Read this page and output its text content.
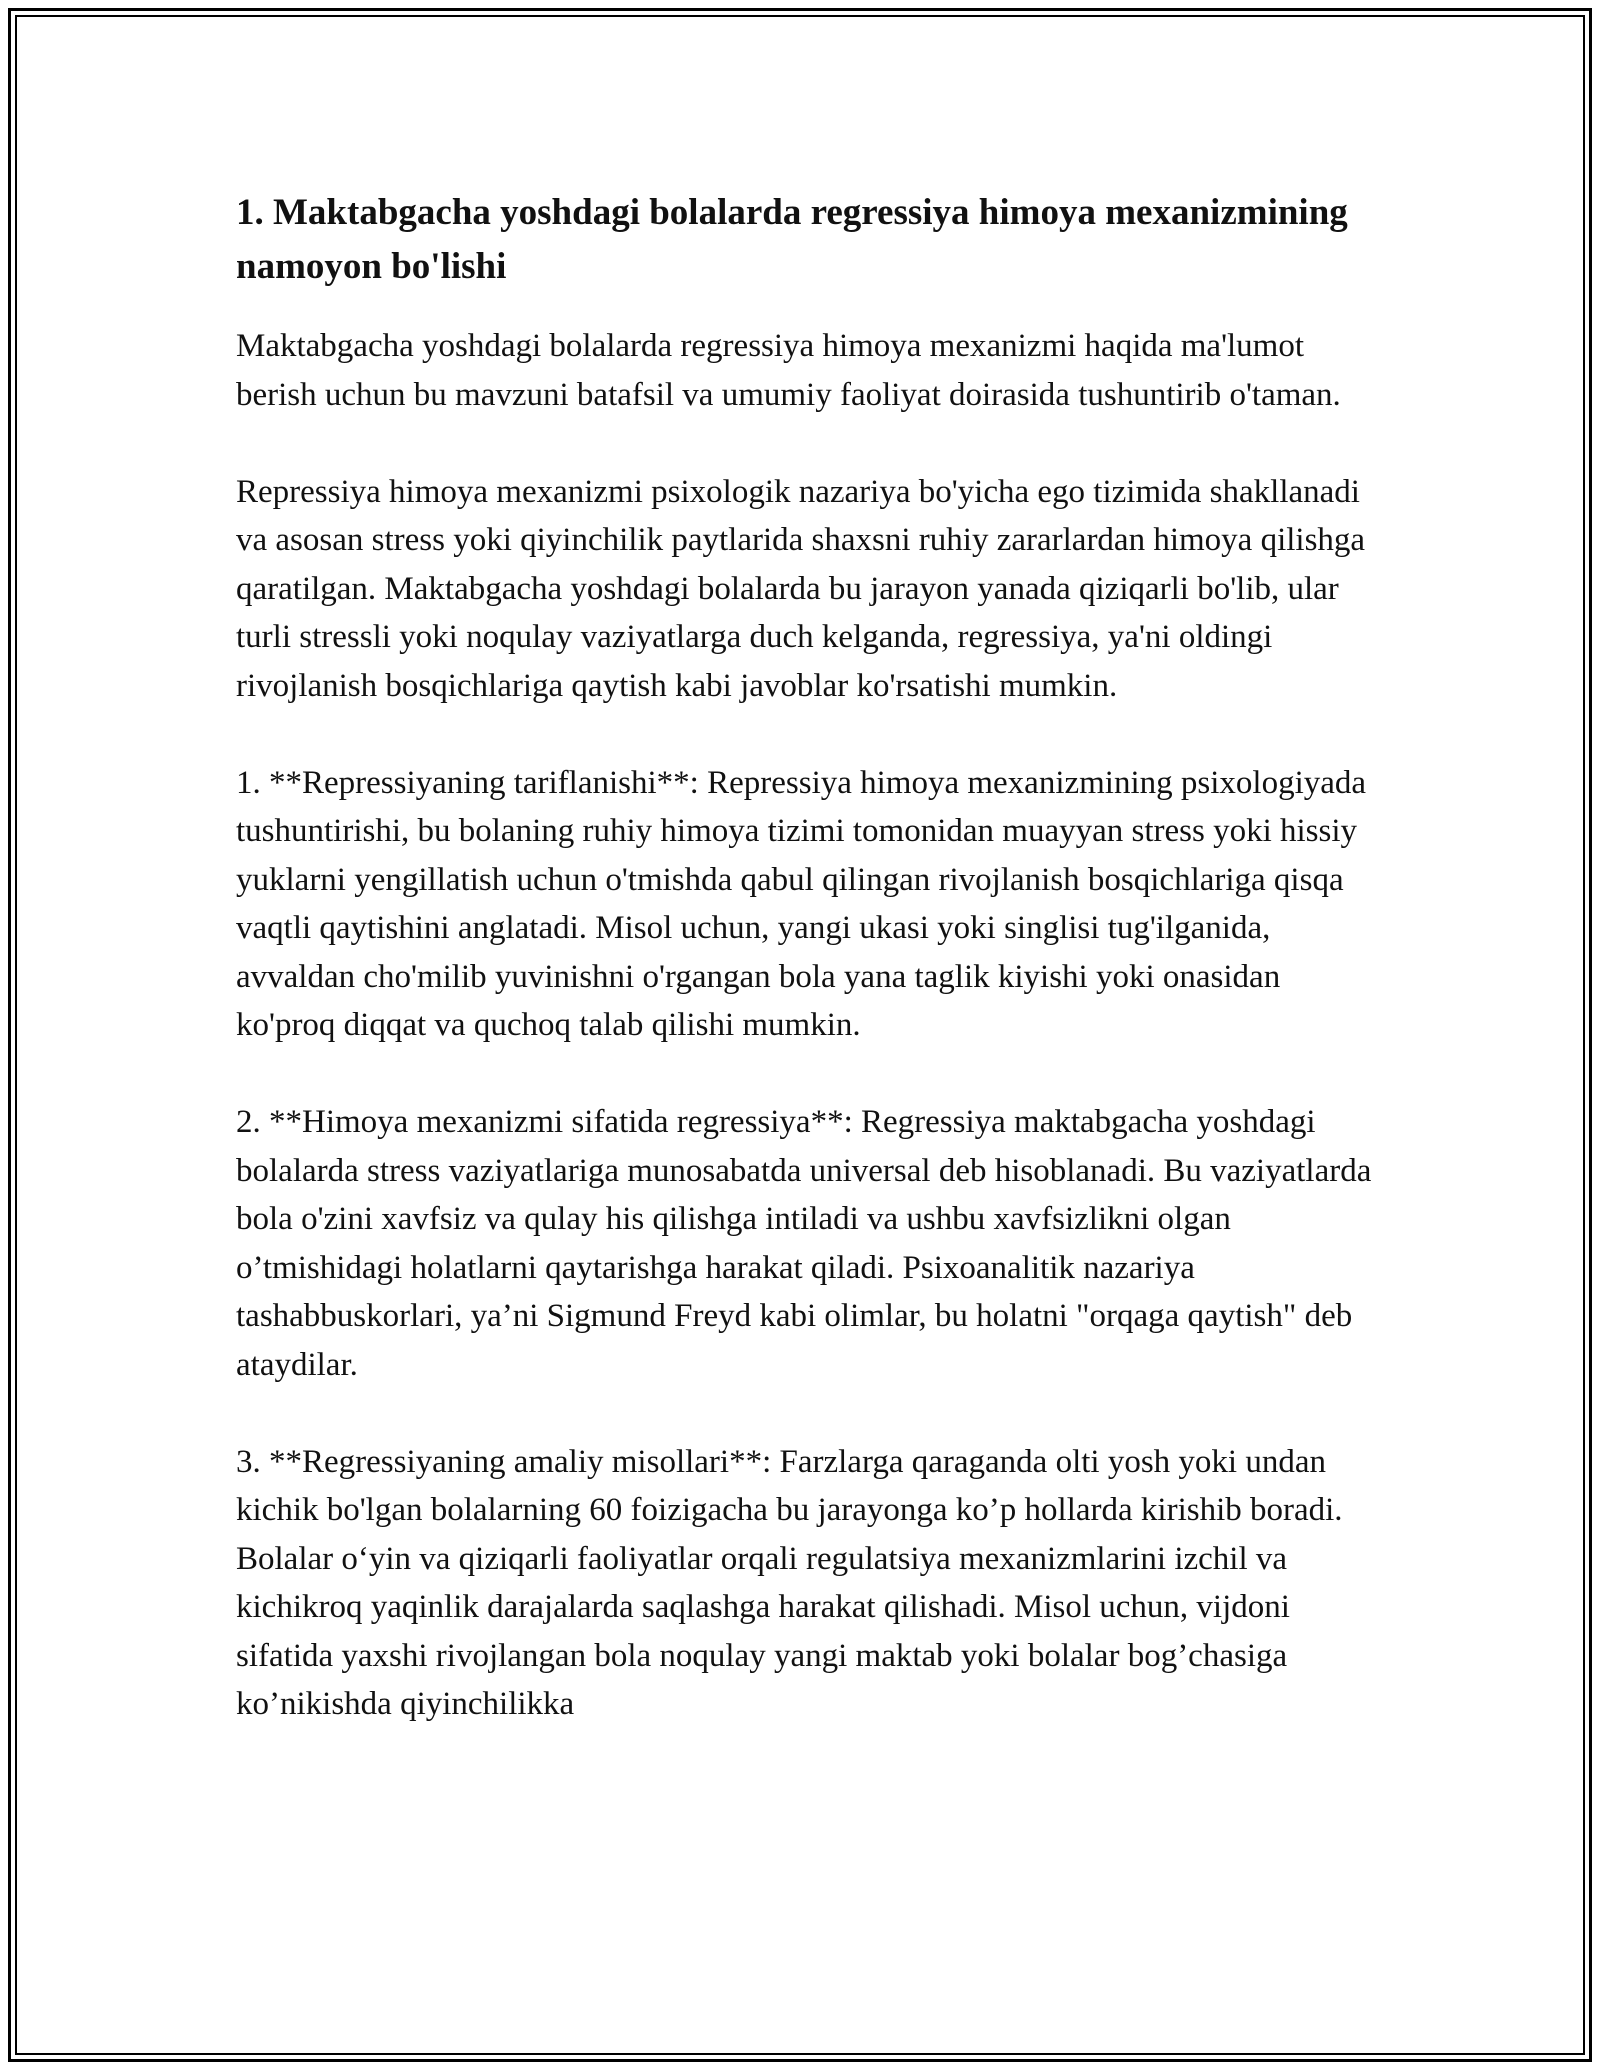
1. Maktabgacha yoshdagi bolalarda regressiya himoya mexanizmining namoyon bo'lishi

Maktabgacha yoshdagi bolalarda regressiya himoya mexanizmi haqida ma'lumot berish uchun bu mavzuni batafsil va umumiy faoliyat doirasida tushuntirib o'taman.

Repressiya himoya mexanizmi psixologik nazariya bo'yicha ego tizimida shakllanadi va asosan stress yoki qiyinchilik paytlarida shaxsni ruhiy zararlardan himoya qilishga qaratilgan. Maktabgacha yoshdagi bolalarda bu jarayon yanada qiziqarli bo'lib, ular turli stressli yoki noqulay vaziyatlarga duch kelganda, regressiya, ya'ni oldingi rivojlanish bosqichlariga qaytish kabi javoblar ko'rsatishi mumkin.

1. **Repressiyaning tariflanishi**: Repressiya himoya mexanizmining psixologiyada tushuntirishi, bu bolaning ruhiy himoya tizimi tomonidan muayyan stress yoki hissiy yuklarni yengillatish uchun o'tmishda qabul qilingan rivojlanish bosqichlariga qisqa vaqtli qaytishini anglatadi. Misol uchun, yangi ukasi yoki singlisi tug'ilganida, avvaldan cho'milib yuvinishni o'rgangan bola yana taglik kiyishi yoki onasidan ko'proq diqqat va quchoq talab qilishi mumkin.

2. **Himoya mexanizmi sifatida regressiya**: Regressiya maktabgacha yoshdagi bolalarda stress vaziyatlariga munosabatda universal deb hisoblanadi. Bu vaziyatlarda bola o'zini xavfsiz va qulay his qilishga intiladi va ushbu xavfsizlikni olgan o’tmishidagi holatlarni qaytarishga harakat qiladi. Psixoanalitik nazariya tashabbuskorlari, ya’ni Sigmund Freyd kabi olimlar, bu holatni "orqaga qaytish" deb ataydilar.

3. **Regressiyaning amaliy misollari**: Farzlarga qaraganda olti yosh yoki undan kichik bo'lgan bolalarning 60 foizigacha bu jarayonga ko’p hollarda kirishib boradi.  Bolalar o‘yin va qiziqarli faoliyatlar orqali regulatsiya mexanizmlarini izchil va kichikroq yaqinlik darajalarda saqlashga harakat qilishadi. Misol uchun, vijdoni sifatida yaxshi rivojlangan bola noqulay yangi maktab yoki bolalar bog’chasiga ko’nikishda qiyinchilikka
